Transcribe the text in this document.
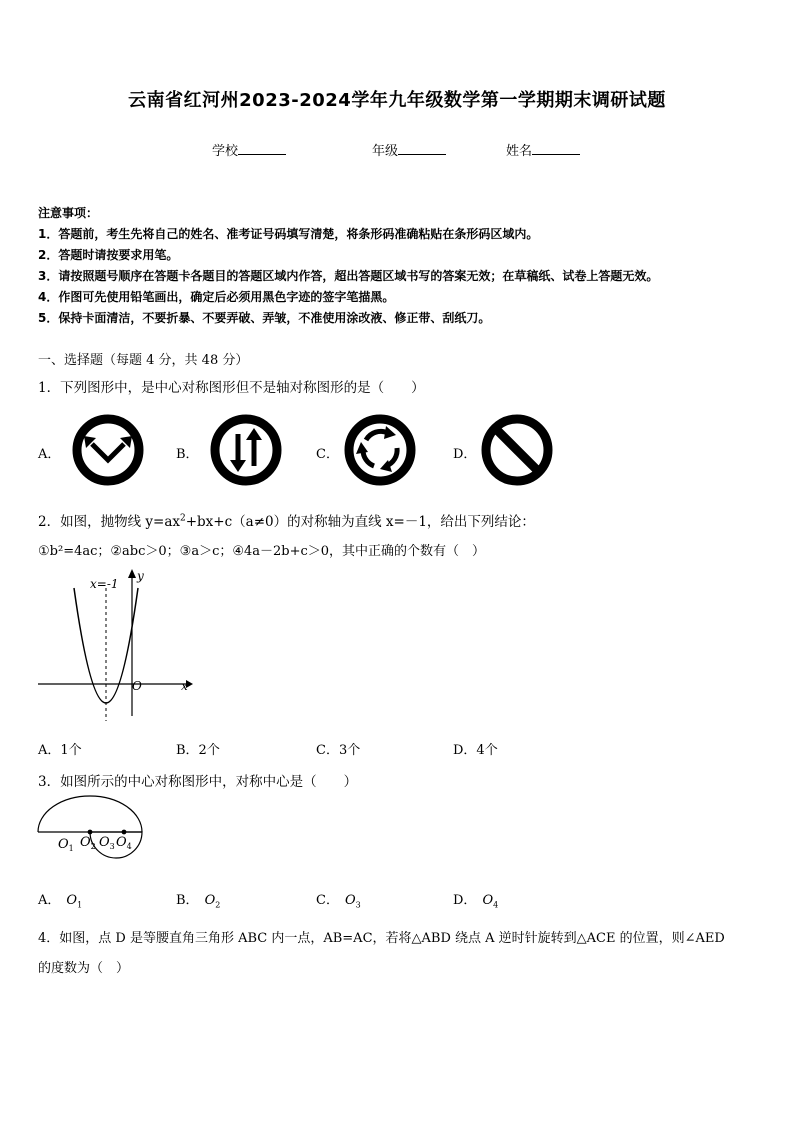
云南省红河州2023-2024学年九年级数学第一学期期末调研试题
学校	年级	姓名
注意事项：
1．答题前，考生先将自己的姓名、准考证号码填写清楚，将条形码准确粘贴在条形码区域内。
2．答题时请按要求用笔。
3．请按照题号顺序在答题卡各题目的答题区域内作答，超出答题区域书写的答案无效；在草稿纸、试卷上答题无效。
4．作图可先使用铅笔画出，确定后必须用黑色字迹的签字笔描黑。
5．保持卡面清洁，不要折暴、不要弄破、弄皱，不准使用涂改液、修正带、刮纸刀。
一、选择题（每题 4 分，共 48 分）
1．下列图形中，是中心对称图形但不是轴对称图形的是（　　）
A．	B．	C．	D．
2．如图，抛物线 $y=ax^2+bx+c(a\ne 0)$的对称轴为直线 x=－1，给出下列结论：
①b²=4ac；②abc＞0；③a＞c；④4a－2b+c＞0，其中正确的个数有（　）
x=-1
y
x
O
A．1个	B．2个	C．3个	D．4个
3．如图所示的中心对称图形中，对称中心是（　　）
$O_1$ $O_2$ $O_3$ $O_4$
A． $O_1$	B． $O_2$	C． $O_3$	D． $O_4$
4．如图，点 D 是等腰直角三角形 ABC 内一点，AB=AC，若将△ABD 绕点 A 逆时针旋转到△ACE 的位置，则∠AED
的度数为（　）
